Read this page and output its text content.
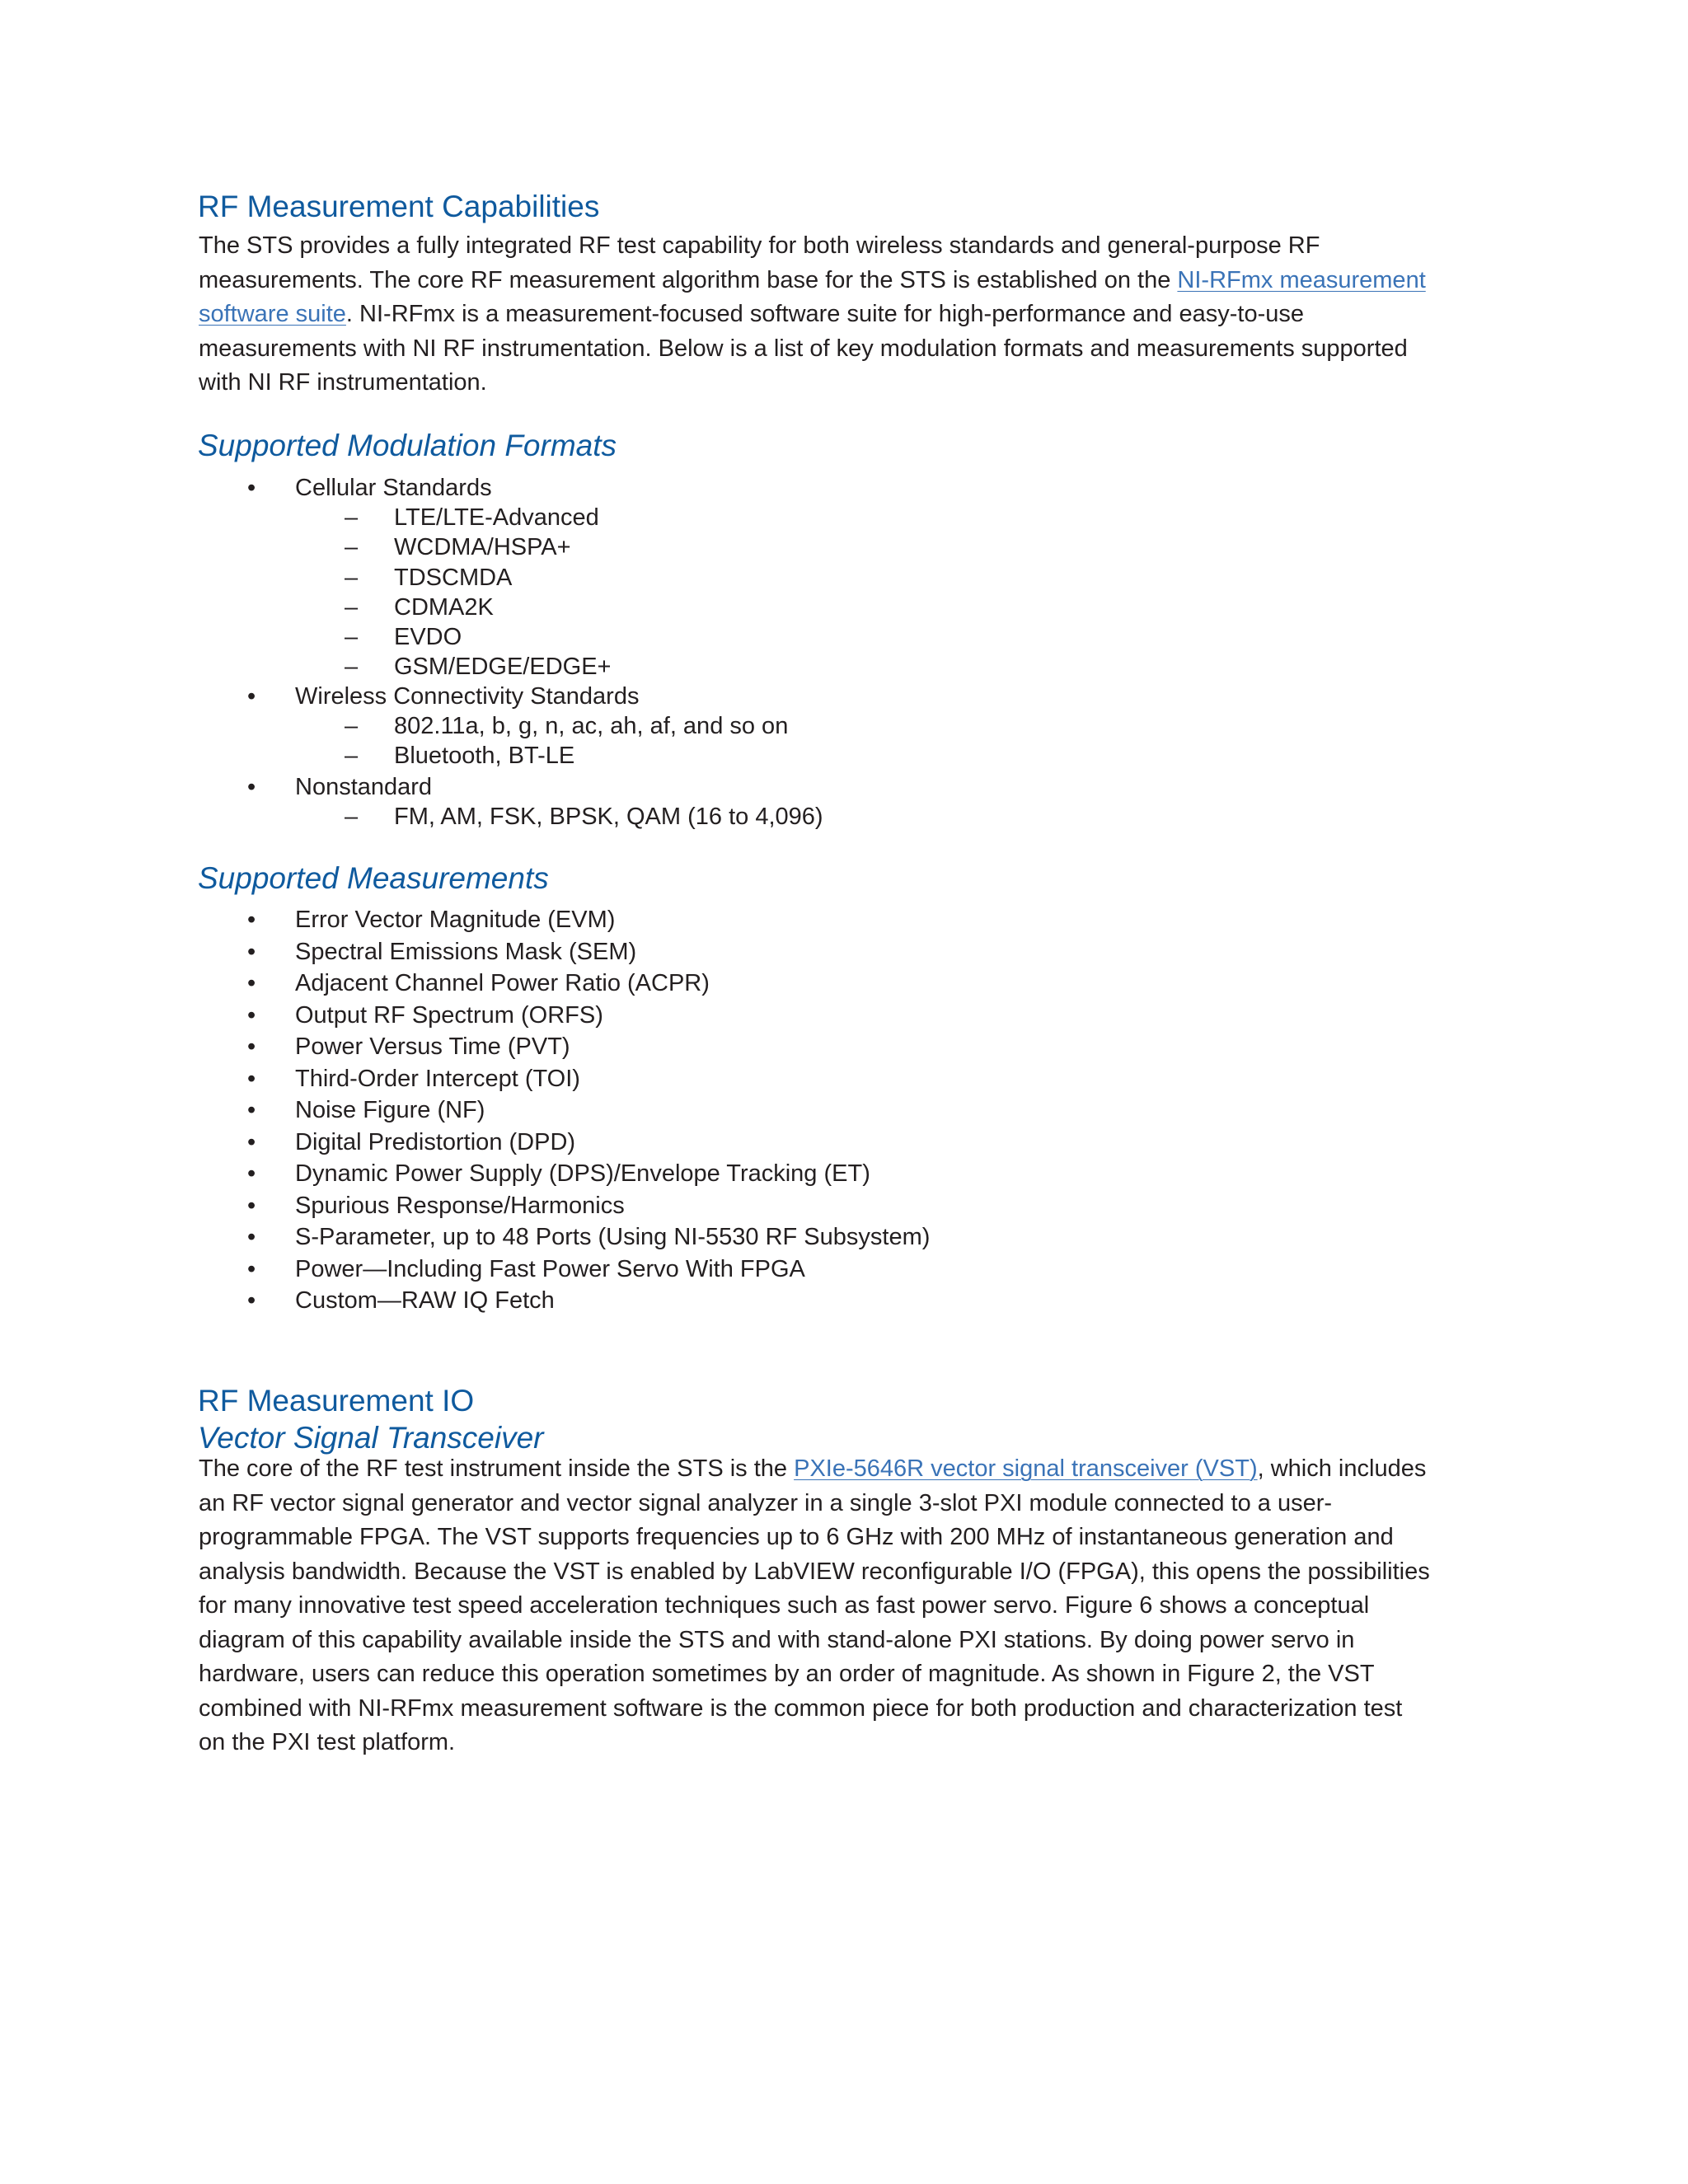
RF Measurement Capabilities
The STS provides a fully integrated RF test capability for both wireless standards and general-purpose RF
measurements. The core RF measurement algorithm base for the STS is established on the NI-RFmx measurement
software suite. NI-RFmx is a measurement-focused software suite for high-performance and easy-to-use
measurements with NI RF instrumentation. Below is a list of key modulation formats and measurements supported
with NI RF instrumentation.
Supported Modulation Formats
• Cellular Standards
– LTE/LTE-Advanced
– WCDMA/HSPA+
– TDSCMDA
– CDMA2K
– EVDO
– GSM/EDGE/EDGE+
• Wireless Connectivity Standards
– 802.11a, b, g, n, ac, ah, af, and so on
– Bluetooth, BT-LE
• Nonstandard
– FM, AM, FSK, BPSK, QAM (16 to 4,096)
Supported Measurements
• Error Vector Magnitude (EVM)
• Spectral Emissions Mask (SEM)
• Adjacent Channel Power Ratio (ACPR)
• Output RF Spectrum (ORFS)
• Power Versus Time (PVT)
• Third-Order Intercept (TOI)
• Noise Figure (NF)
• Digital Predistortion (DPD)
• Dynamic Power Supply (DPS)/Envelope Tracking (ET)
• Spurious Response/Harmonics
• S-Parameter, up to 48 Ports (Using NI-5530 RF Subsystem)
• Power—Including Fast Power Servo With FPGA
• Custom—RAW IQ Fetch
RF Measurement IO
Vector Signal Transceiver
The core of the RF test instrument inside the STS is the PXIe-5646R vector signal transceiver (VST), which includes
an RF vector signal generator and vector signal analyzer in a single 3-slot PXI module connected to a user-
programmable FPGA. The VST supports frequencies up to 6 GHz with 200 MHz of instantaneous generation and
analysis bandwidth. Because the VST is enabled by LabVIEW reconfigurable I/O (FPGA), this opens the possibilities
for many innovative test speed acceleration techniques such as fast power servo. Figure 6 shows a conceptual
diagram of this capability available inside the STS and with stand-alone PXI stations. By doing power servo in
hardware, users can reduce this operation sometimes by an order of magnitude. As shown in Figure 2, the VST
combined with NI-RFmx measurement software is the common piece for both production and characterization test
on the PXI test platform.
